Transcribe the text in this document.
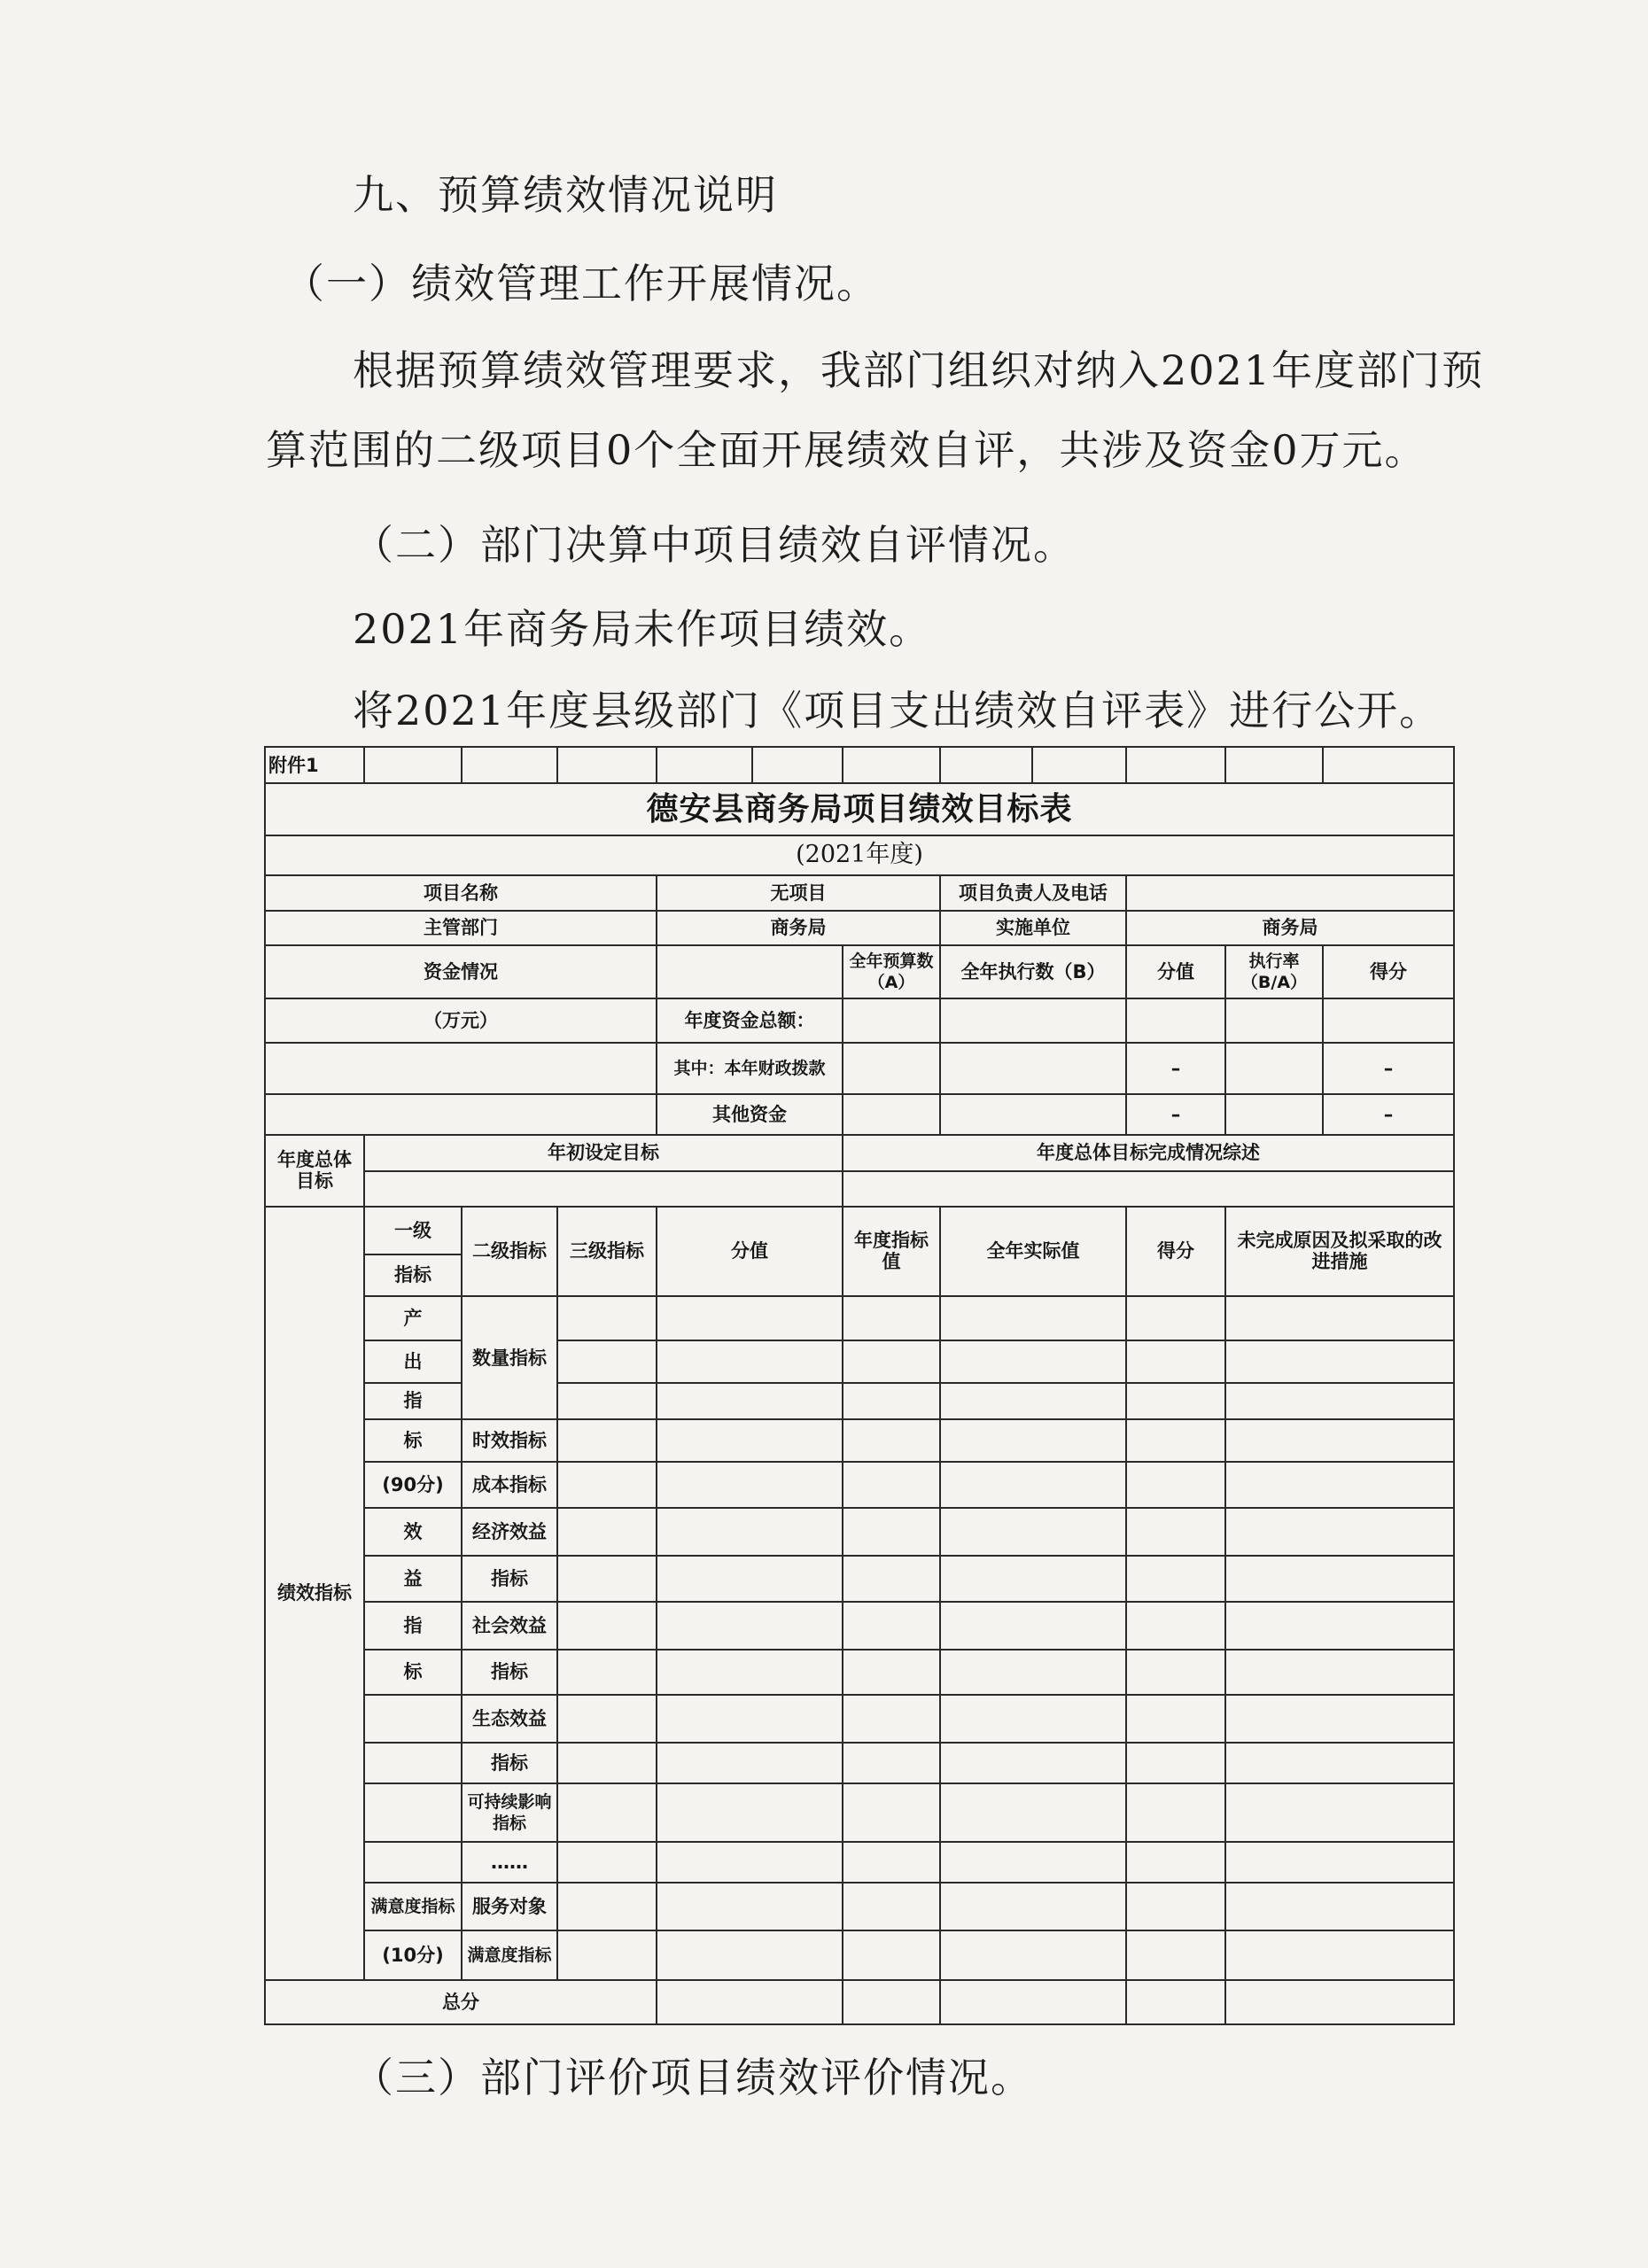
九、预算绩效情况说明

（一）绩效管理工作开展情况。

根据预算绩效管理要求，我部门组织对纳入2021年度部门预

算范围的二级项目0个全面开展绩效自评，共涉及资金0万元。

（二）部门决算中项目绩效自评情况。

2021年商务局未作项目绩效。

将2021年度县级部门《项目支出绩效自评表》进行公开。

附件1											
德安县商务局项目绩效目标表											
(2021年度)											
项目名称				无项目			项目负责人及电话				
主管部门				商务局			实施单位		商务局		
资金情况						全年预算数（A）	全年执行数（B）		分值	执行率（B/A）	得分
（万元）				年度资金总额：							
				其中：本年财政拨款					–		–
				其他资金					–		–
年度总体目标	年初设定目标					年度总体目标完成情况综述					

绩效指标	一级	二级指标	三级指标	分值		年度指标值	全年实际值		得分	未完成原因及拟采取的改进措施	
	指标										
	产	数量指标									
	出										
	指										
	标	时效指标									
	(90分)	成本指标									
	效	经济效益									
	益	指标									
	指	社会效益									
	标	指标									
		生态效益									
		指标									
		可持续影响指标									
		……									
	满意度指标	服务对象									
	(10分)	满意度指标									
总分											

（三）部门评价项目绩效评价情况。
